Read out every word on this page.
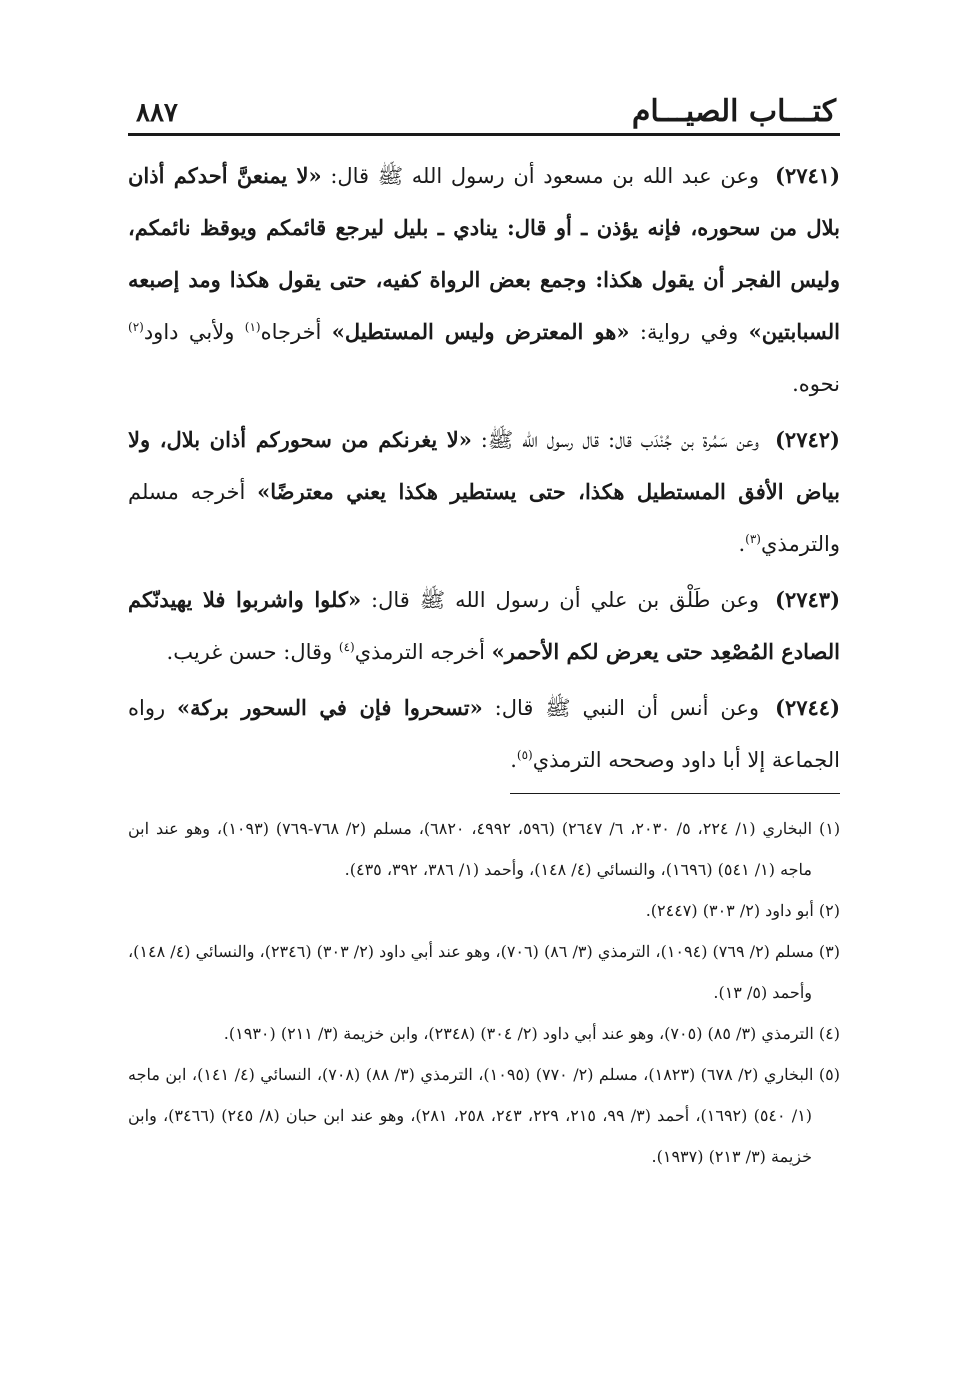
كتـــاب الصيـــام
٨٨٧

(٢٧٤١)وعن عبد الله بن مسعود أن رسول الله ﷺ قال: «لا يمنعنَّ أحدكم أذان بلال من سحوره، فإنه يؤذن ـ أو قال: ينادي ـ بليل ليرجع قائمكم ويوقظ نائمكم، وليس الفجر أن يقول هكذا: وجمع بعض الرواة كفيه، حتى يقول هكذا ومد إصبعه السبابتين» وفي رواية: «هو المعترض وليس المستطيل» أخرجاه$^{(١)}$ ولأبي داود$^{(٢)}$ نحوه.

(٢٧٤٢)وعن سَمُرة بن جُنْدَب قال: قال رسول الله ﷺ: «لا يغرنكم من سحوركم أذان بلال، ولا بياض الأفق المستطيل هكذا، حتى يستطير هكذا يعني معترضًا» أخرجه مسلم والترمذي$^{(٣)}$.

(٢٧٤٣)وعن طَلْق بن علي أن رسول الله ﷺ قال: «كلوا واشربوا فلا يهيدنّكم الصادع المُصْعِد حتى يعرض لكم الأحمر» أخرجه الترمذي$^{(٤)}$ وقال: حسن غريب.

(٢٧٤٤)وعن أنس أن النبي ﷺ قال: «تسحروا فإن في السحور بركة» رواه الجماعة إلا أبا داود وصححه الترمذي$^{(٥)}$.

(١) البخاري (١/ ٢٢٤، ٥/ ٢٠٣٠، ٦/ ٢٦٤٧) (٥٩٦، ٤٩٩٢، ٦٨٢٠)، مسلم (٢/ ٧٦٨-٧٦٩) (١٠٩٣)، وهو عند ابن ماجه (١/ ٥٤١) (١٦٩٦)، والنسائي (٤/ ١٤٨)، وأحمد (١/ ٣٨٦، ٣٩٢، ٤٣٥).

(٢) أبو داود (٢/ ٣٠٣) (٢٤٤٧).

(٣) مسلم (٢/ ٧٦٩) (١٠٩٤)، الترمذي (٣/ ٨٦) (٧٠٦)، وهو عند أبي داود (٢/ ٣٠٣) (٢٣٤٦)، والنسائي (٤/ ١٤٨)، وأحمد (٥/ ١٣).

(٤) الترمذي (٣/ ٨٥) (٧٠٥)، وهو عند أبي داود (٢/ ٣٠٤) (٢٣٤٨)، وابن خزيمة (٣/ ٢١١) (١٩٣٠).

(٥) البخاري (٢/ ٦٧٨) (١٨٢٣)، مسلم (٢/ ٧٧٠) (١٠٩٥)، الترمذي (٣/ ٨٨) (٧٠٨)، النسائي (٤/ ١٤١)، ابن ماجه (١/ ٥٤٠) (١٦٩٢)، أحمد (٣/ ٩٩، ٢١٥، ٢٢٩، ٢٤٣، ٢٥٨، ٢٨١)، وهو عند ابن حبان (٨/ ٢٤٥) (٣٤٦٦)، وابن خزيمة (٣/ ٢١٣) (١٩٣٧).
